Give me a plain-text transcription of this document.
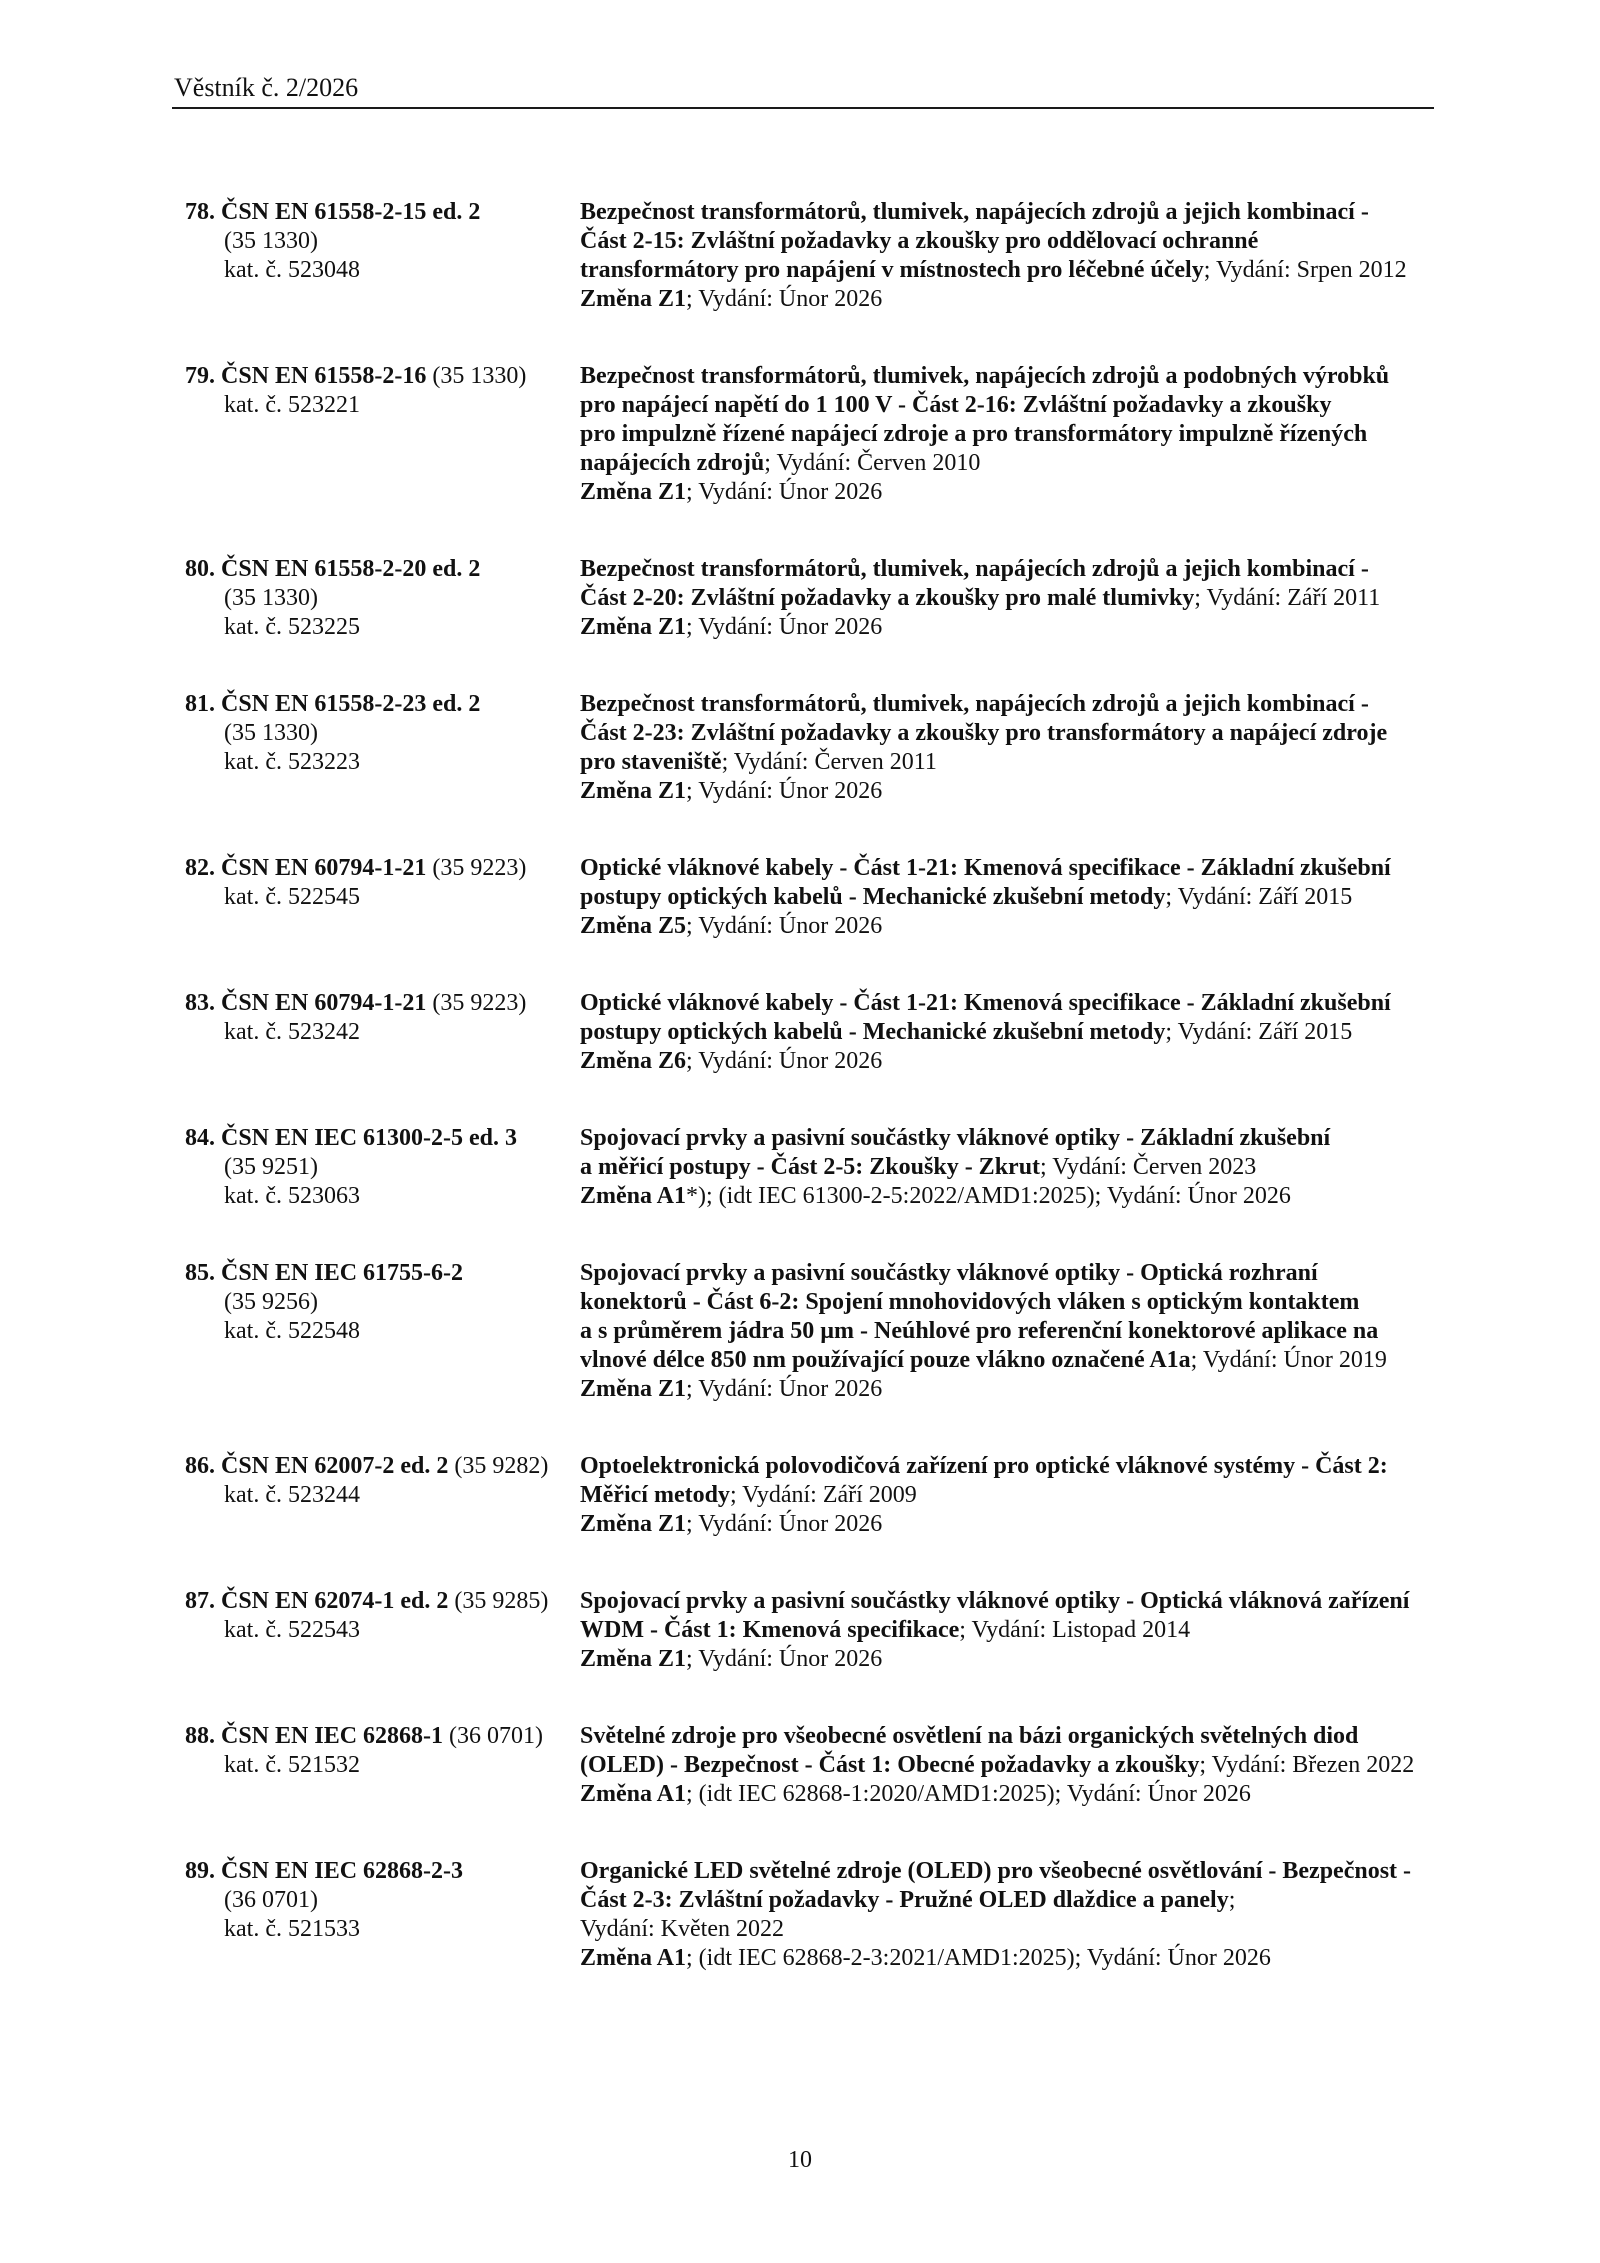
Věstník č. 2/2026
78. ČSN EN 61558-2-15 ed. 2
(35 1330)
kat. č. 523048
Bezpečnost transformátorů, tlumivek, napájecích zdrojů a jejich kombinací -
Část 2-15: Zvláštní požadavky a zkoušky pro oddělovací ochranné
transformátory pro napájení v místnostech pro léčebné účely; Vydání: Srpen 2012
Změna Z1; Vydání: Únor 2026
79. ČSN EN 61558-2-16 (35 1330)
kat. č. 523221
Bezpečnost transformátorů, tlumivek, napájecích zdrojů a podobných výrobků
pro napájecí napětí do 1 100 V - Část 2-16: Zvláštní požadavky a zkoušky
pro impulzně řízené napájecí zdroje a pro transformátory impulzně řízených
napájecích zdrojů; Vydání: Červen 2010
Změna Z1; Vydání: Únor 2026
80. ČSN EN 61558-2-20 ed. 2
(35 1330)
kat. č. 523225
Bezpečnost transformátorů, tlumivek, napájecích zdrojů a jejich kombinací -
Část 2-20: Zvláštní požadavky a zkoušky pro malé tlumivky; Vydání: Září 2011
Změna Z1; Vydání: Únor 2026
81. ČSN EN 61558-2-23 ed. 2
(35 1330)
kat. č. 523223
Bezpečnost transformátorů, tlumivek, napájecích zdrojů a jejich kombinací -
Část 2-23: Zvláštní požadavky a zkoušky pro transformátory a napájecí zdroje
pro staveniště; Vydání: Červen 2011
Změna Z1; Vydání: Únor 2026
82. ČSN EN 60794-1-21 (35 9223)
kat. č. 522545
Optické vláknové kabely - Část 1-21: Kmenová specifikace - Základní zkušební
postupy optických kabelů - Mechanické zkušební metody; Vydání: Září 2015
Změna Z5; Vydání: Únor 2026
83. ČSN EN 60794-1-21 (35 9223)
kat. č. 523242
Optické vláknové kabely - Část 1-21: Kmenová specifikace - Základní zkušební
postupy optických kabelů - Mechanické zkušební metody; Vydání: Září 2015
Změna Z6; Vydání: Únor 2026
84. ČSN EN IEC 61300-2-5 ed. 3
(35 9251)
kat. č. 523063
Spojovací prvky a pasivní součástky vláknové optiky - Základní zkušební
a měřicí postupy - Část 2-5: Zkoušky - Zkrut; Vydání: Červen 2023
Změna A1*); (idt IEC 61300-2-5:2022/AMD1:2025); Vydání: Únor 2026
85. ČSN EN IEC 61755-6-2
(35 9256)
kat. č. 522548
Spojovací prvky a pasivní součástky vláknové optiky - Optická rozhraní
konektorů - Část 6-2: Spojení mnohovidových vláken s optickým kontaktem
a s průměrem jádra 50 µm - Neúhlové pro referenční konektorové aplikace na
vlnové délce 850 nm používající pouze vlákno označené A1a; Vydání: Únor 2019
Změna Z1; Vydání: Únor 2026
86. ČSN EN 62007-2 ed. 2 (35 9282)
kat. č. 523244
Optoelektronická polovodičová zařízení pro optické vláknové systémy - Část 2:
Měřicí metody; Vydání: Září 2009
Změna Z1; Vydání: Únor 2026
87. ČSN EN 62074-1 ed. 2 (35 9285)
kat. č. 522543
Spojovací prvky a pasivní součástky vláknové optiky - Optická vláknová zařízení
WDM - Část 1: Kmenová specifikace; Vydání: Listopad 2014
Změna Z1; Vydání: Únor 2026
88. ČSN EN IEC 62868-1 (36 0701)
kat. č. 521532
Světelné zdroje pro všeobecné osvětlení na bázi organických světelných diod
(OLED) - Bezpečnost - Část 1: Obecné požadavky a zkoušky; Vydání: Březen 2022
Změna A1; (idt IEC 62868-1:2020/AMD1:2025); Vydání: Únor 2026
89. ČSN EN IEC 62868-2-3
(36 0701)
kat. č. 521533
Organické LED světelné zdroje (OLED) pro všeobecné osvětlování - Bezpečnost -
Část 2-3: Zvláštní požadavky - Pružné OLED dlaždice a panely;
Vydání: Květen 2022
Změna A1; (idt IEC 62868-2-3:2021/AMD1:2025); Vydání: Únor 2026
10
